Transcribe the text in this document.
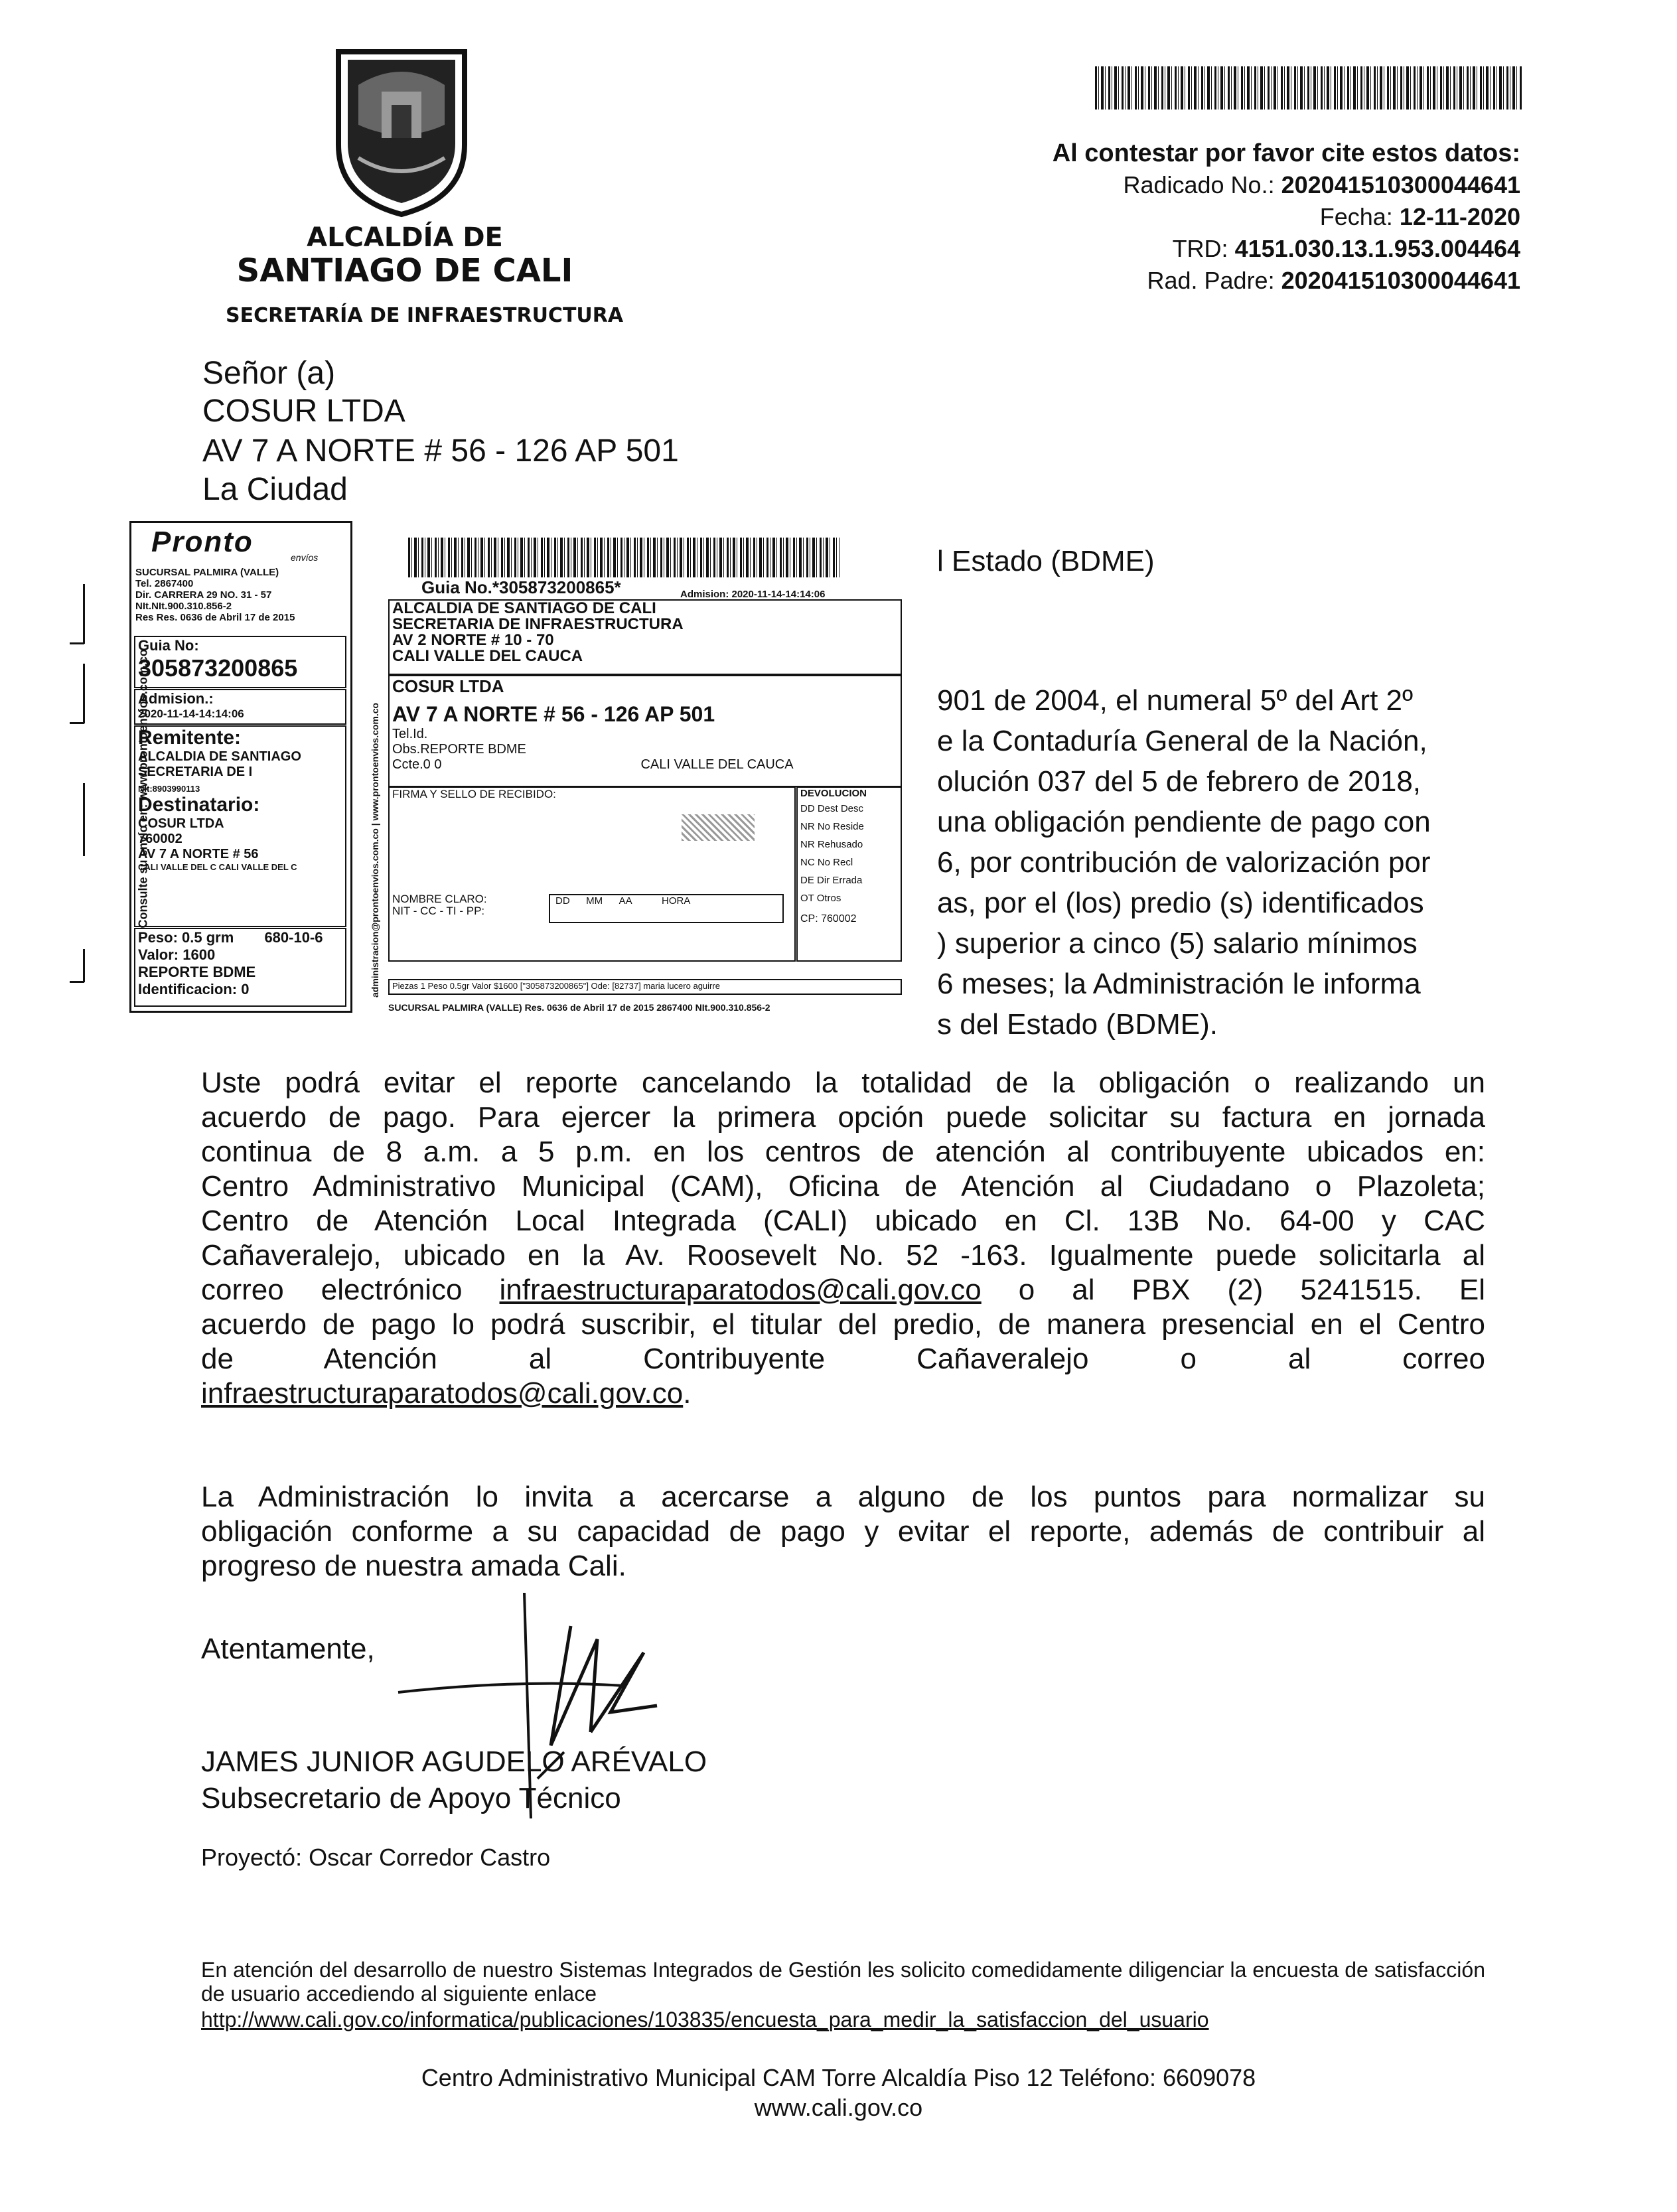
ALCALDÍA DE
SANTIAGO DE CALI
SECRETARÍA DE INFRAESTRUCTURA
Al contestar por favor cite estos datos:
Radicado No.: 202041510300044641
Fecha: 12-11-2020
TRD: 4151.030.13.1.953.004464
Rad. Padre: 202041510300044641
Señor (a)
COSUR LTDA
AV 7 A NORTE # 56 - 126 AP 501
La Ciudad
l Estado (BDME)
901 de 2004, el numeral 5º del Art 2º
e la Contaduría General de la Nación,
olución 037 del 5 de febrero de 2018,
una obligación pendiente de pago con
6, por contribución de valorización por
as, por el (los) predio (s) identificados
) superior a cinco (5) salario mínimos
6 meses; la Administración le informa
s del Estado (BDME).
Pronto	envíos
SUCURSAL PALMIRA (VALLE)
Tel. 2867400
Dir. CARRERA 29 NO. 31 - 57
NIt.NIt.900.310.856-2
Res Res. 0636 de Abril 17 de 2015
Guia No:
305873200865
Admision.:
2020-11-14-14:14:06
Remitente:
ALCALDIA DE SANTIAGO
SECRETARIA DE I
NIt:8903990113
Destinatario:
COSUR LTDA
760002
AV 7 A NORTE # 56
CALI VALLE DEL C CALI VALLE DEL C
Peso: 0.5 grm 680-10-6
Valor: 1600
REPORTE BDME
Identificacion: 0
Consulte su envío en: www.prontoenvios.com.co
Guia No.*305873200865*	Admision: 2020-11-14-14:14:06
ALCALDIA DE SANTIAGO DE CALI
SECRETARIA DE INFRAESTRUCTURA
AV 2 NORTE # 10 - 70
CALI VALLE DEL CAUCA
COSUR LTDA
AV 7 A NORTE # 56 - 126 AP 501
Tel.Id.
Obs.REPORTE BDME
Ccte.0 0	CALI VALLE DEL CAUCA
FIRMA Y SELLO DE RECIBIDO:
NOMBRE CLARO:
NIT - CC - TI - PP:
DD MM AA	HORA
DEVOLUCION
DD Dest Desc
NR No Reside
NR Rehusado
NC No Recl
DE Dir Errada
OT Otros
CP: 760002
Piezas 1 Peso 0.5gr Valor $1600 ["305873200865"] Ode: [82737] maria lucero aguirre
SUCURSAL PALMIRA (VALLE) Res. 0636 de Abril 17 de 2015 2867400 NIt.900.310.856-2
administracion@prontoenvios.com.co | www.prontoenvios.com.co
Uste podrá evitar el reporte cancelando la totalidad de la obligación o realizando un
acuerdo de pago. Para ejercer la primera opción puede solicitar su factura en jornada
continua de 8 a.m. a 5 p.m. en los centros de atención al contribuyente ubicados en:
Centro Administrativo Municipal (CAM), Oficina de Atención al Ciudadano o Plazoleta;
Centro de Atención Local Integrada (CALI) ubicado en Cl. 13B No. 64-00 y CAC
Cañaveralejo, ubicado en la Av. Roosevelt No. 52 -163. Igualmente puede solicitarla al
correo electrónico infraestructuraparatodos@cali.gov.co o al PBX (2) 5241515. El
acuerdo de pago lo podrá suscribir, el titular del predio, de manera presencial en el Centro
de Atención al Contribuyente Cañaveralejo o al correo
infraestructuraparatodos@cali.gov.co.
La Administración lo invita a acercarse a alguno de los puntos para normalizar su
obligación conforme a su capacidad de pago y evitar el reporte, además de contribuir al
progreso de nuestra amada Cali.
Atentamente,
JAMES JUNIOR AGUDELO ARÉVALO
Subsecretario de Apoyo Técnico
Proyectó: Oscar Corredor Castro
En atención del desarrollo de nuestro Sistemas Integrados de Gestión les solicito comedidamente diligenciar la encuesta de satisfacción de usuario accediendo al siguiente enlace
http://www.cali.gov.co/informatica/publicaciones/103835/encuesta_para_medir_la_satisfaccion_del_usuario
Centro Administrativo Municipal CAM Torre Alcaldía Piso 12 Teléfono: 6609078
www.cali.gov.co
